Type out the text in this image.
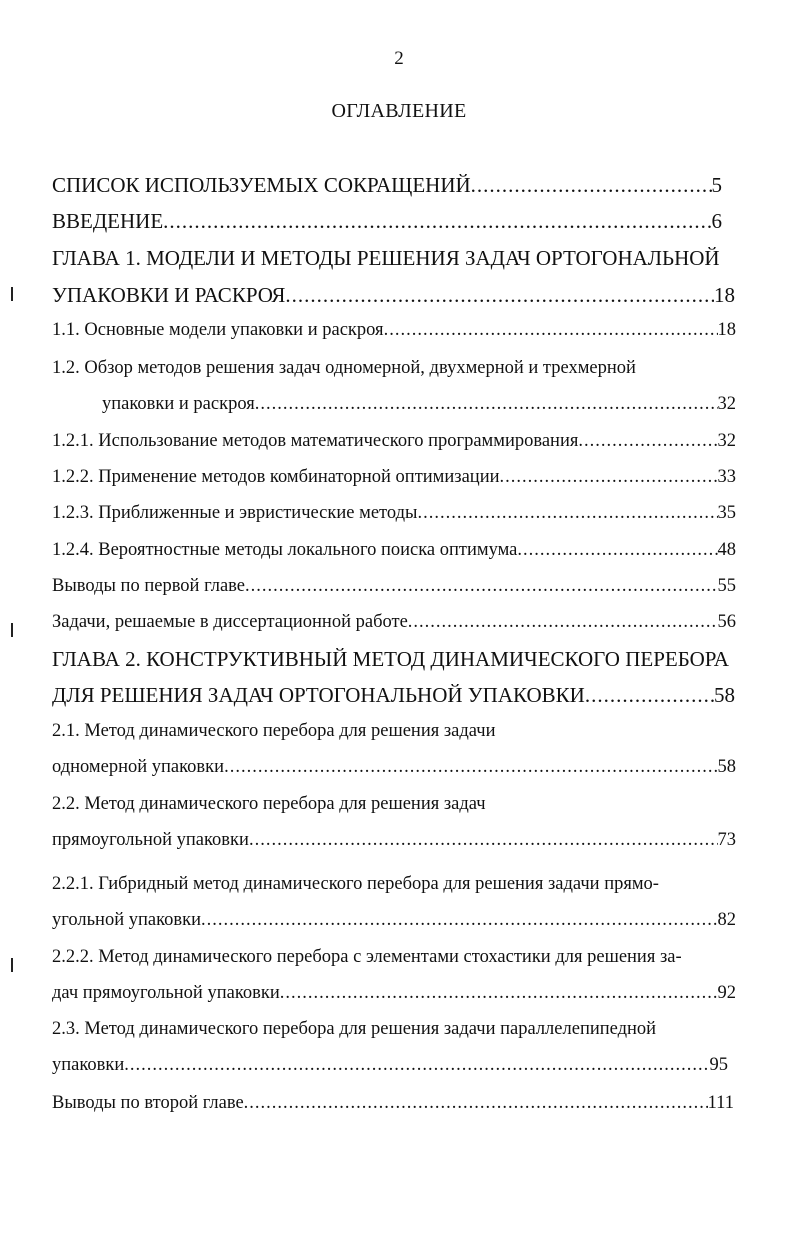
2
ОГЛАВЛЕНИЕ
СПИСОК ИСПОЛЬЗУЕМЫХ СОКРАЩЕНИЙ .....	5
ВВЕДЕНИЕ .....	6
ГЛАВА 1. МОДЕЛИ И МЕТОДЫ РЕШЕНИЯ ЗАДАЧ ОРТОГОНАЛЬНОЙ
УПАКОВКИ И РАСКРОЯ .....	18
1.1. Основные модели упаковки и раскроя .....	18
1.2. Обзор методов решения задач одномерной, двухмерной и трехмерной
упаковки и раскроя .....	32
1.2.1. Использование методов математического программирования .....	32
1.2.2. Применение методов комбинаторной оптимизации .....	33
1.2.3. Приближенные и эвристические методы .....	35
1.2.4. Вероятностные методы локального поиска оптимума .....	48
Выводы по первой главе .....	55
Задачи, решаемые в диссертационной работе .....	56
ГЛАВА 2. КОНСТРУКТИВНЫЙ МЕТОД ДИНАМИЧЕСКОГО ПЕРЕБОРА
ДЛЯ РЕШЕНИЯ ЗАДАЧ ОРТОГОНАЛЬНОЙ УПАКОВКИ .....	58
2.1. Метод динамического перебора для решения задачи
одномерной упаковки .....	58
2.2. Метод динамического перебора для решения задач
прямоугольной упаковки .....	73
2.2.1. Гибридный метод динамического перебора для решения задачи прямо-
угольной упаковки .....	82
2.2.2. Метод динамического перебора с элементами стохастики для решения за-
дач прямоугольной упаковки .....	92
2.3. Метод динамического перебора для решения задачи параллелепипедной
упаковки .....	95
Выводы по второй главе .....	111
